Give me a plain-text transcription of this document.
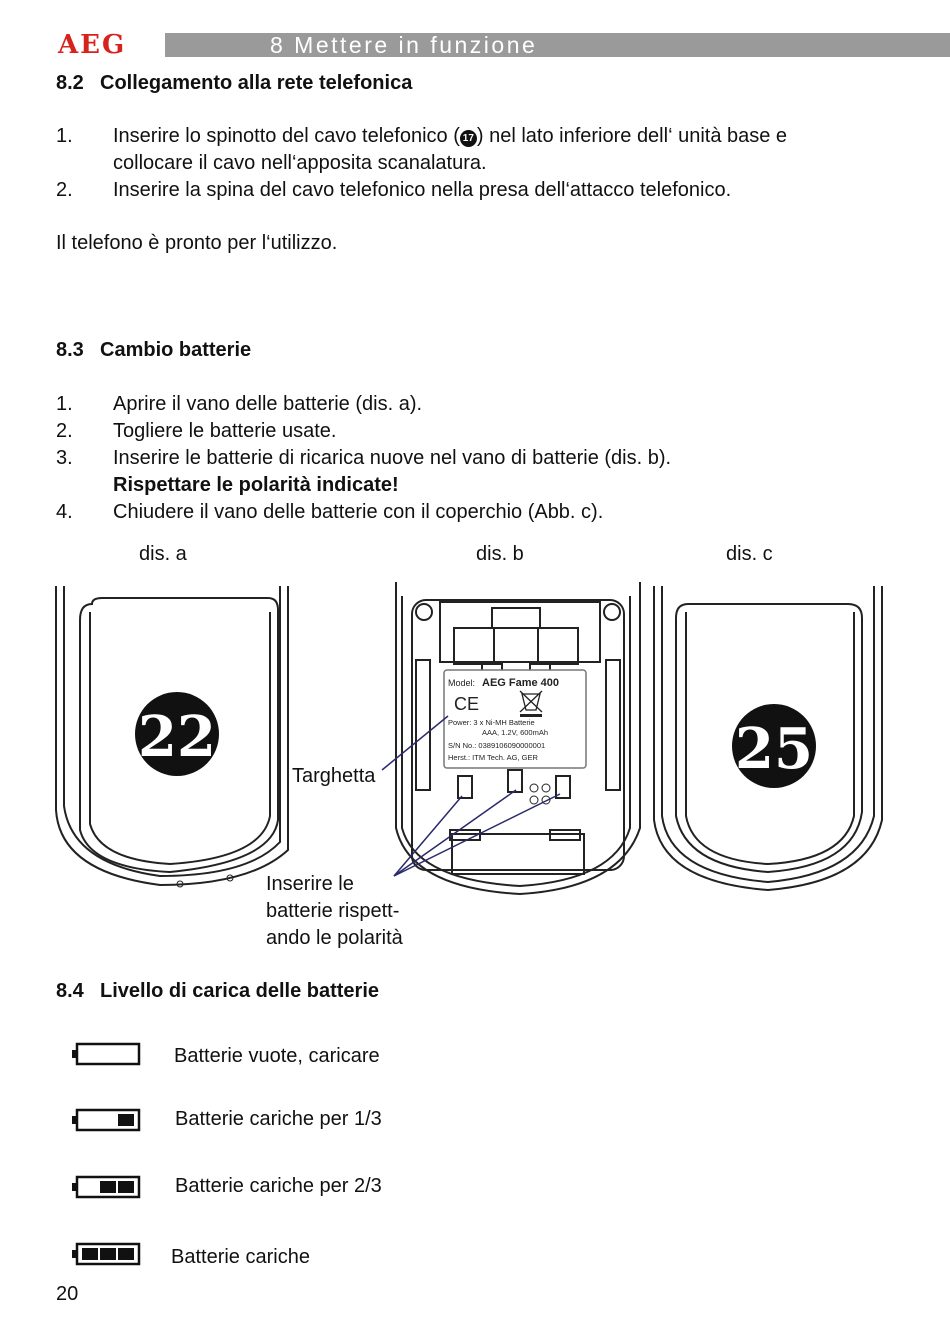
AEG	8 Mettere in funzione
8.2 Collegamento alla rete telefonica
1. Inserire lo spinotto del cavo telefonico ( 17 ) nel lato inferiore dell‘ unità base e
collocare il cavo nell‘apposita scanalatura.
2. Inserire la spina del cavo telefonico nella presa dell‘attacco telefonico.
Il telefono è pronto per l‘utilizzo.
8.3 Cambio batterie
1. Aprire il vano delle batterie (dis. a).
2. Togliere le batterie usate.
3. Inserire le batterie di ricarica nuove nel vano di batterie (dis. b).
Rispettare le polarità indicate!
4. Chiudere il vano delle batterie con il coperchio (Abb. c).
dis. a	dis. b	dis. c
22
Model: AEG Fame 400
CE
Power: 3 x Ni-MH Batterie
AAA, 1.2V, 600mAh
S/N No.: 0389106090000001
Herst.: ITM Tech. AG, GER
Targhetta
Inserire le
batterie rispett-
ando le polarità
25
8.4 Livello di carica delle batterie
Batterie vuote, caricare
Batterie cariche per 1/3
Batterie cariche per 2/3
Batterie cariche
20
